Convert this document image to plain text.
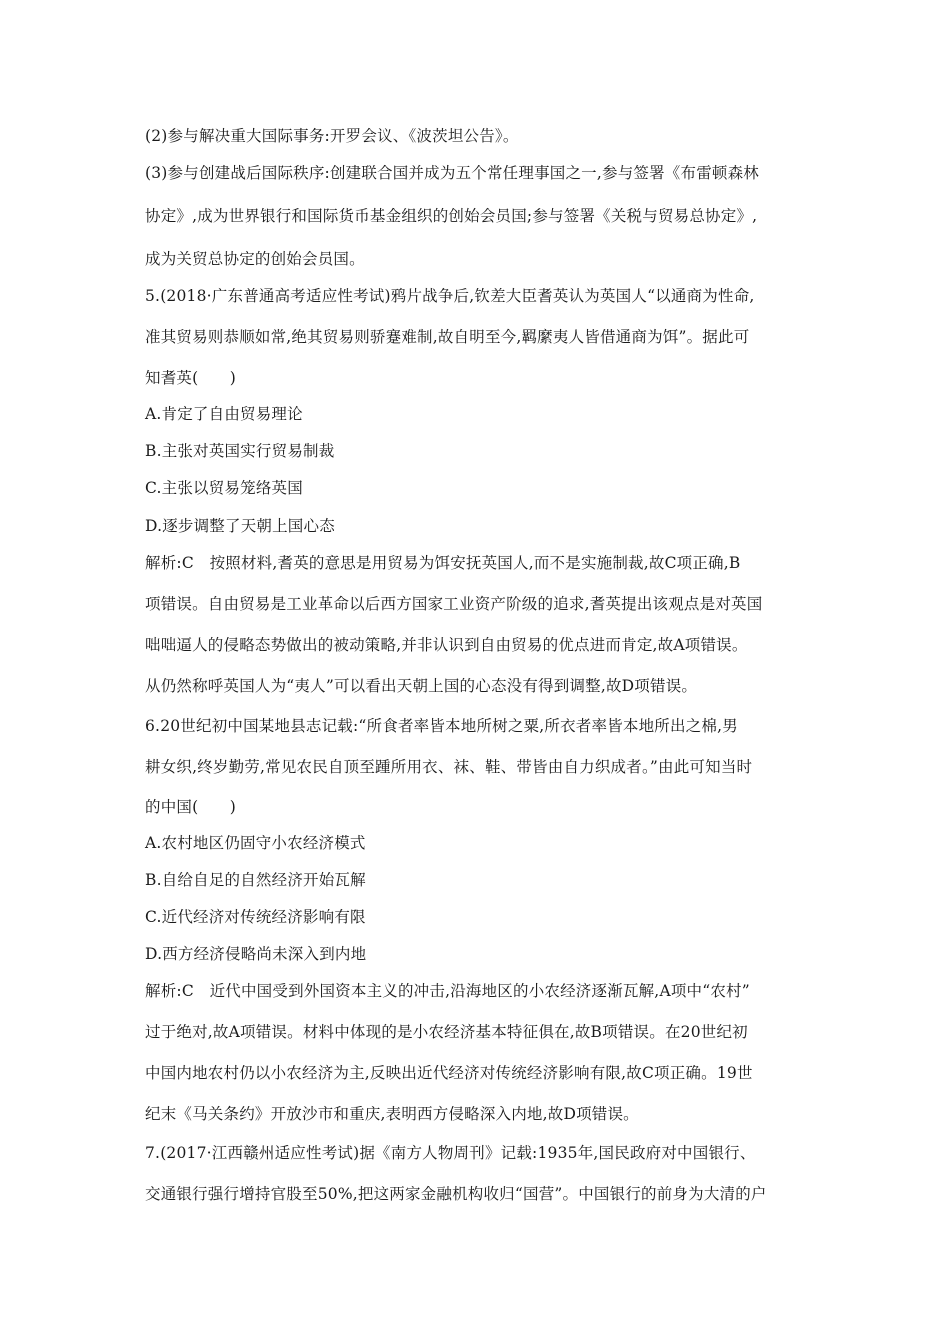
(2)参与解决重大国际事务:开罗会议、《波茨坦公告》。
(3)参与创建战后国际秩序:创建联合国并成为五个常任理事国之一,参与签署《布雷顿森林
协定》,成为世界银行和国际货币基金组织的创始会员国;参与签署《关税与贸易总协定》,
成为关贸总协定的创始会员国。
5.(2018·广东普通高考适应性考试)鸦片战争后,钦差大臣耆英认为英国人“以通商为性命,
准其贸易则恭顺如常,绝其贸易则骄蹇难制,故自明至今,羁縻夷人皆借通商为饵”。据此可
知耆英(　　)
A.肯定了自由贸易理论
B.主张对英国实行贸易制裁
C.主张以贸易笼络英国
D.逐步调整了天朝上国心态
解析:C　按照材料,耆英的意思是用贸易为饵安抚英国人,而不是实施制裁,故C项正确,B
项错误。自由贸易是工业革命以后西方国家工业资产阶级的追求,耆英提出该观点是对英国
咄咄逼人的侵略态势做出的被动策略,并非认识到自由贸易的优点进而肯定,故A项错误。
从仍然称呼英国人为“夷人”可以看出天朝上国的心态没有得到调整,故D项错误。
6.20世纪初中国某地县志记载:“所食者率皆本地所树之粟,所衣者率皆本地所出之棉,男
耕女织,终岁勤劳,常见农民自顶至踵所用衣、袜、鞋、带皆由自力织成者。”由此可知当时
的中国(　　)
A.农村地区仍固守小农经济模式
B.自给自足的自然经济开始瓦解
C.近代经济对传统经济影响有限
D.西方经济侵略尚未深入到内地
解析:C　近代中国受到外国资本主义的冲击,沿海地区的小农经济逐渐瓦解,A项中“农村”
过于绝对,故A项错误。材料中体现的是小农经济基本特征俱在,故B项错误。在20世纪初
中国内地农村仍以小农经济为主,反映出近代经济对传统经济影响有限,故C项正确。19世
纪末《马关条约》开放沙市和重庆,表明西方侵略深入内地,故D项错误。
7.(2017·江西赣州适应性考试)据《南方人物周刊》记载:1935年,国民政府对中国银行、
交通银行强行增持官股至50%,把这两家金融机构收归“国营”。中国银行的前身为大清的户
